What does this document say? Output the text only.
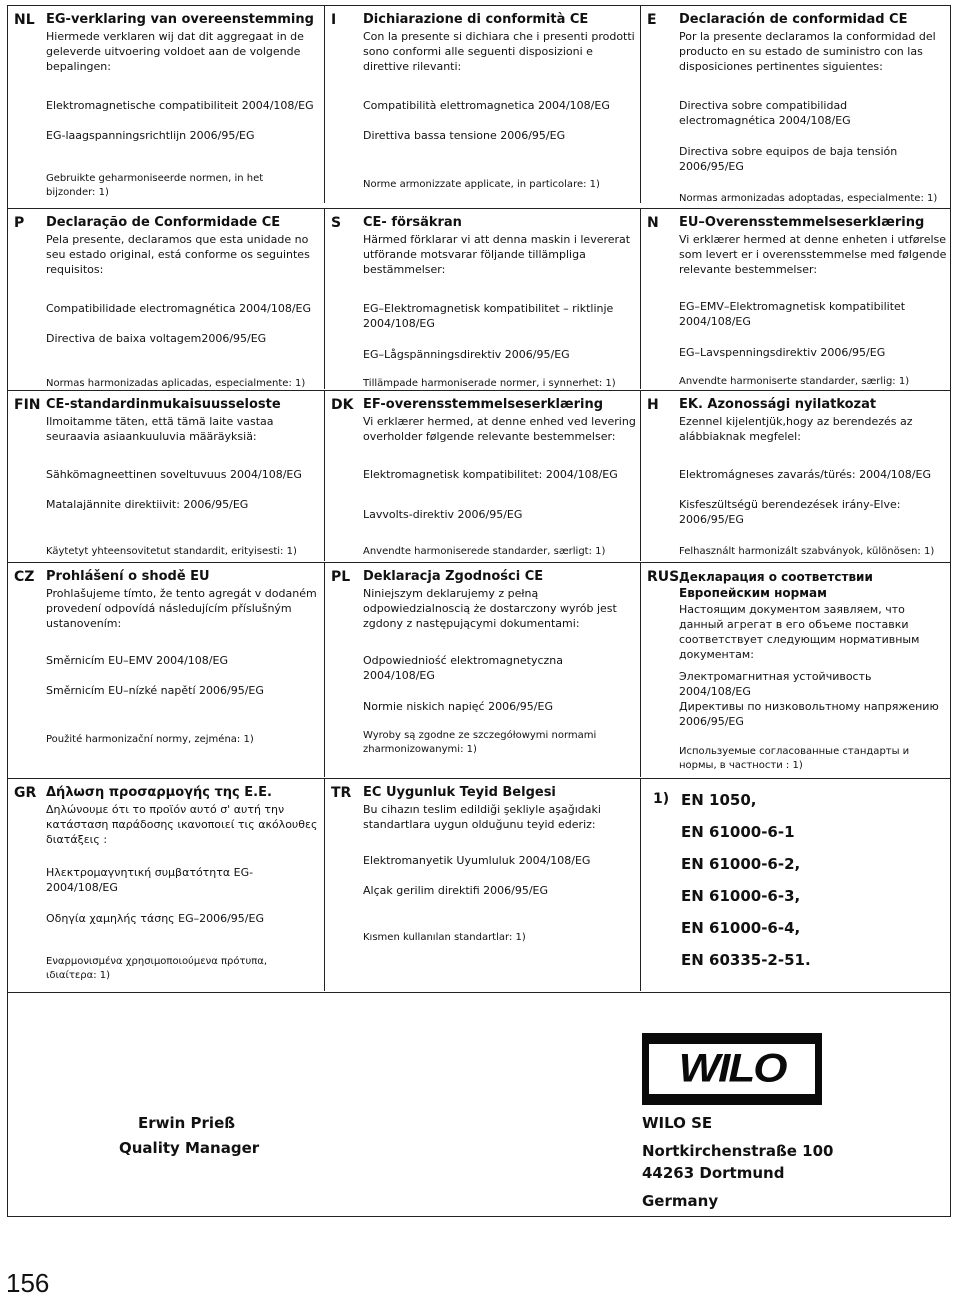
NL EG-verklaring van overeenstemming
Hiermede verklaren wij dat dit aggregaat in de geleverde uitvoering voldoet aan de volgende bepalingen:
Elektromagnetische compatibiliteit 2004/108/EG
EG-laagspanningsrichtlijn 2006/95/EG
Gebruikte geharmoniseerde normen, in het bijzonder: 1)
I Dichiarazione di conformità CE
Con la presente si dichiara che i presenti prodotti sono conformi alle seguenti disposizioni e direttive rilevanti:
Compatibilità elettromagnetica 2004/108/EG
Direttiva bassa tensione 2006/95/EG
Norme armonizzate applicate, in particolare: 1)
E Declaración de conformidad CE
Por la presente declaramos la conformidad del producto en su estado de suministro con las disposiciones pertinentes siguientes:
Directiva sobre compatibilidad electromagnética 2004/108/EG
Directiva sobre equipos de baja tensión 2006/95/EG
Normas armonizadas adoptadas, especialmente: 1)
P Declaração de Conformidade CE
Pela presente, declaramos que esta unidade no seu estado original, está conforme os seguintes requisitos:
Compatibilidade electromagnética 2004/108/EG
Directiva de baixa voltagem2006/95/EG
Normas harmonizadas aplicadas, especialmente: 1)
S CE- försäkran
Härmed förklarar vi att denna maskin i levererat utförande motsvarar följande tillämpliga bestämmelser:
EG–Elektromagnetisk kompatibilitet – riktlinje 2004/108/EG
EG–Lågspänningsdirektiv 2006/95/EG
Tillämpade harmoniserade normer, i synnerhet: 1)
N EU–Overensstemmelseserklæring
Vi erklærer hermed at denne enheten i utførelse som levert er i overensstemmelse med følgende relevante bestemmelser:
EG–EMV–Elektromagnetisk kompatibilitet 2004/108/EG
EG–Lavspenningsdirektiv 2006/95/EG
Anvendte harmoniserte standarder, særlig: 1)
FIN CE-standardinmukaisuusseloste
Ilmoitamme täten, että tämä laite vastaa seuraavia asiaankuuluvia määräyksiä:
Sähkömagneettinen soveltuvuus 2004/108/EG
Matalajännite direktiivit: 2006/95/EG
Käytetyt yhteensovitetut standardit, erityisesti: 1)
DK EF-overensstemmelseserklæring
Vi erklærer hermed, at denne enhed ved levering overholder følgende relevante bestemmelser:
Elektromagnetisk kompatibilitet: 2004/108/EG
Lavvolts-direktiv 2006/95/EG
Anvendte harmoniserede standarder, særligt: 1)
H EK. Azonossági nyilatkozat
Ezennel kijelentjük,hogy az berendezés az alábbiaknak megfelel:
Elektromágneses zavarás/türés: 2004/108/EG
Kisfeszültségü berendezések irány-Elve: 2006/95/EG
Felhasznált harmonizált szabványok, különösen: 1)
CZ Prohlášení o shodě EU
Prohlašujeme tímto, že tento agregát v dodaném provedení odpovídá následujícím příslušným ustanovením:
Směrnicím EU–EMV 2004/108/EG
Směrnicím EU–nízké napětí 2006/95/EG
Použité harmonizační normy, zejména: 1)
PL Deklaracja Zgodności CE
Niniejszym deklarujemy z pełną odpowiedzialnoscią że dostarczony wyrób jest zgdony z następującymi dokumentami:
Odpowiedniość elektromagnetyczna 2004/108/EG
Normie niskich napięć 2006/95/EG
Wyroby są zgodne ze szczegółowymi normami zharmonizowanymi: 1)
RUS Декларация о соответствии
Европейским нормам
Настоящим документом заявляем, что данный агрегат в его объеме поставки соответствует следующим нормативным документам:
Электромагнитная устойчивость 2004/108/EG
Директивы по низковольтному напряжению 2006/95/EG
Используемые согласованные стандарты и нормы, в частности : 1)
GR Δήλωση προσαρμογής της Ε.Ε.
Δηλώνουμε ότι το προϊόν αυτό σ' αυτή την κατάσταση παράδοσης ικανοποιεί τις ακόλουθες διατάξεις :
Ηλεκτρομαγνητική συμβατότητα EG-2004/108/EG
Οδηγία χαμηλής τάσης EG–2006/95/EG
Εναρμονισμένα χρησιμοποιούμενα πρότυπα, ιδιαίτερα: 1)
TR EC Uygunluk Teyid Belgesi
Bu cihazın teslim edildiği şekliyle aşağıdaki standartlara uygun olduğunu teyid ederiz:
Elektromanyetik Uyumluluk 2004/108/EG
Alçak gerilim direktifi 2006/95/EG
Kısmen kullanılan standartlar: 1)
1) EN 1050,
EN 61000-6-1
EN 61000-6-2,
EN 61000-6-3,
EN 61000-6-4,
EN 60335-2-51.
Erwin Prieß
Quality Manager
WILO
WILO SE
Nortkirchenstraße 100
44263 Dortmund
Germany
156
